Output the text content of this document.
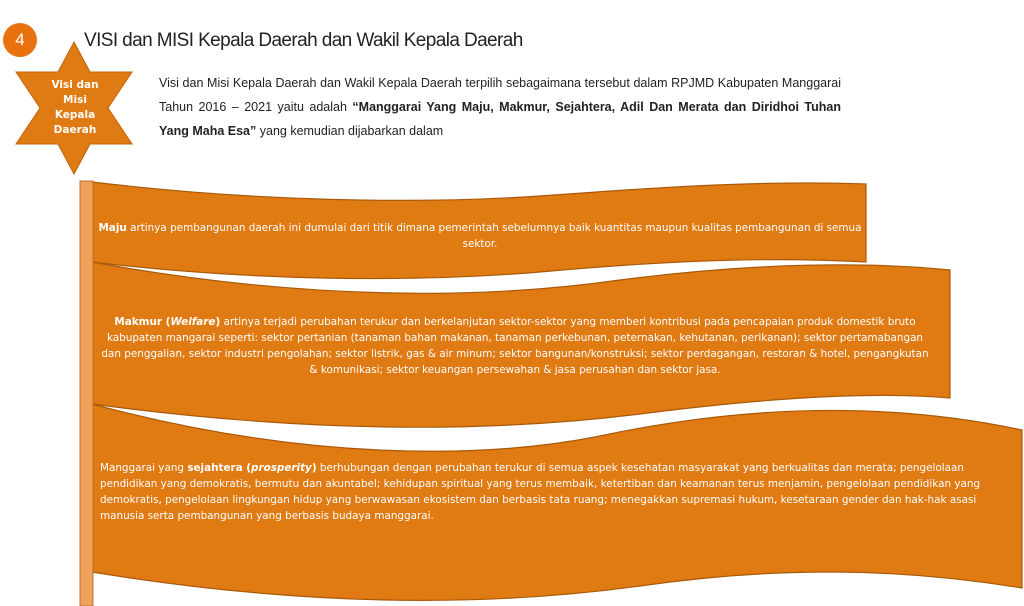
4	VISI dan MISI Kepala Daerah dan Wakil Kepala Daerah
Visi dan Misi Kepala Daerah
Visi dan Misi Kepala Daerah dan Wakil Kepala Daerah terpilih sebagaimana tersebut dalam RPJMD Kabupaten Manggarai Tahun 2016 – 2021 yaitu adalah “Manggarai Yang Maju, Makmur, Sejahtera, Adil Dan Merata dan Diridhoi Tuhan Yang Maha Esa” yang kemudian dijabarkan dalam
Maju artinya pembangunan daerah ini dumulai dari titik dimana pemerintah sebelumnya baik kuantitas maupun kualitas pembangunan di semua sektor.
Makmur (Welfare) artinya terjadi perubahan terukur dan berkelanjutan sektor-sektor yang memberi kontribusi pada pencapaian produk domestik bruto kabupaten mangarai seperti: sektor pertanian (tanaman bahan makanan, tanaman perkebunan, peternakan, kehutanan, perikanan); sektor pertamabangan dan penggalian, sektor industri pengolahan; sektor listrik, gas & air minum; sektor bangunan/konstruksi; sektor perdagangan, restoran & hotel, pengangkutan & komunikasi; sektor keuangan persewahan & jasa perusahan dan sektor jasa.
Manggarai yang sejahtera (prosperity) berhubungan dengan perubahan terukur di semua aspek kesehatan masyarakat yang berkualitas dan merata; pengelolaan pendidikan yang demokratis, bermutu dan akuntabel; kehidupan spiritual yang terus membaik, ketertiban dan keamanan terus menjamin, pengelolaan pendidikan yang demokratis, pengelolaan lingkungan hidup yang berwawasan ekosistem dan berbasis tata ruang; menegakkan supremasi hukum, kesetaraan gender dan hak-hak asasi manusia serta pembangunan yang berbasis budaya manggarai.
